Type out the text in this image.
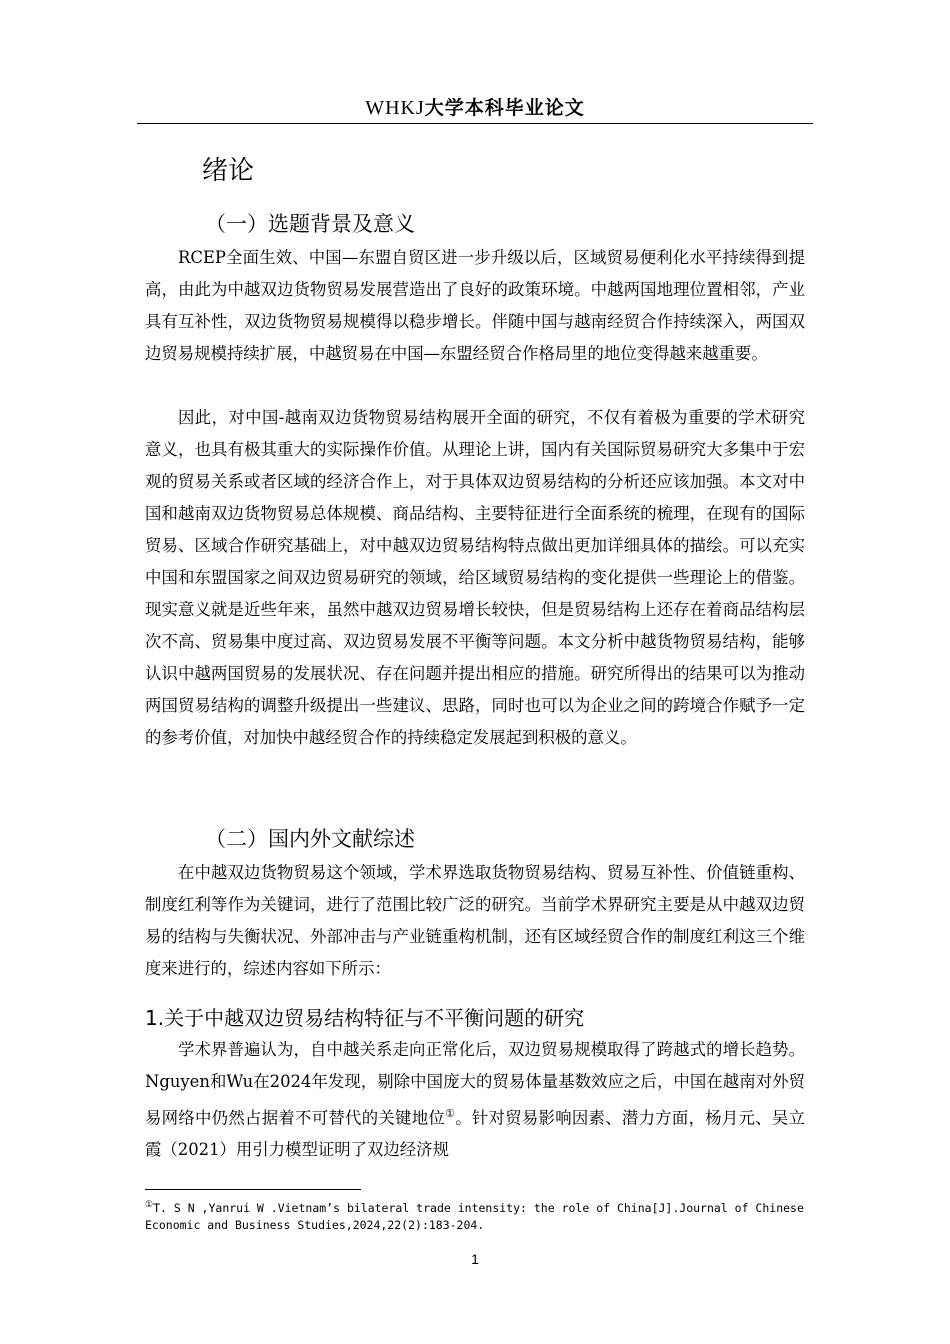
WHKJ大学本科毕业论文
绪论
（一）选题背景及意义

RCEP全面生效、中国—东盟自贸区进一步升级以后，区域贸易便利化水平持续得到提高，由此为中越双边货物贸易发展营造出了良好的政策环境。中越两国地理位置相邻，产业具有互补性，双边货物贸易规模得以稳步增长。伴随中国与越南经贸合作持续深入，两国双边贸易规模持续扩展，中越贸易在中国—东盟经贸合作格局里的地位变得越来越重要。

因此，对中国-越南双边货物贸易结构展开全面的研究，不仅有着极为重要的学术研究意义，也具有极其重大的实际操作价值。从理论上讲，国内有关国际贸易研究大多集中于宏观的贸易关系或者区域的经济合作上，对于具体双边贸易结构的分析还应该加强。本文对中国和越南双边货物贸易总体规模、商品结构、主要特征进行全面系统的梳理，在现有的国际贸易、区域合作研究基础上，对中越双边贸易结构特点做出更加详细具体的描绘。可以充实中国和东盟国家之间双边贸易研究的领域，给区域贸易结构的变化提供一些理论上的借鉴。现实意义就是近些年来，虽然中越双边贸易增长较快，但是贸易结构上还存在着商品结构层次不高、贸易集中度过高、双边贸易发展不平衡等问题。本文分析中越货物贸易结构，能够认识中越两国贸易的发展状况、存在问题并提出相应的措施。研究所得出的结果可以为推动两国贸易结构的调整升级提出一些建议、思路，同时也可以为企业之间的跨境合作赋予一定的参考价值，对加快中越经贸合作的持续稳定发展起到积极的意义。

（二）国内外文献综述

在中越双边货物贸易这个领域，学术界选取货物贸易结构、贸易互补性、价值链重构、制度红利等作为关键词，进行了范围比较广泛的研究。当前学术界研究主要是从中越双边贸易的结构与失衡状况、外部冲击与产业链重构机制，还有区域经贸合作的制度红利这三个维度来进行的，综述内容如下所示：

1.关于中越双边贸易结构特征与不平衡问题的研究

学术界普遍认为，自中越关系走向正常化后，双边贸易规模取得了跨越式的增长趋势。Nguyen和Wu在2024年发现，剔除中国庞大的贸易体量基数效应之后，中国在越南对外贸易网络中仍然占据着不可替代的关键地位①。针对贸易影响因素、潜力方面，杨月元、吴立霞（2021）用引力模型证明了双边经济规

①T. S N ,Yanrui W .Vietnam’s bilateral trade intensity: the role of China[J].Journal of Chinese Economic and Business Studies,2024,22(2):183-204.

1
